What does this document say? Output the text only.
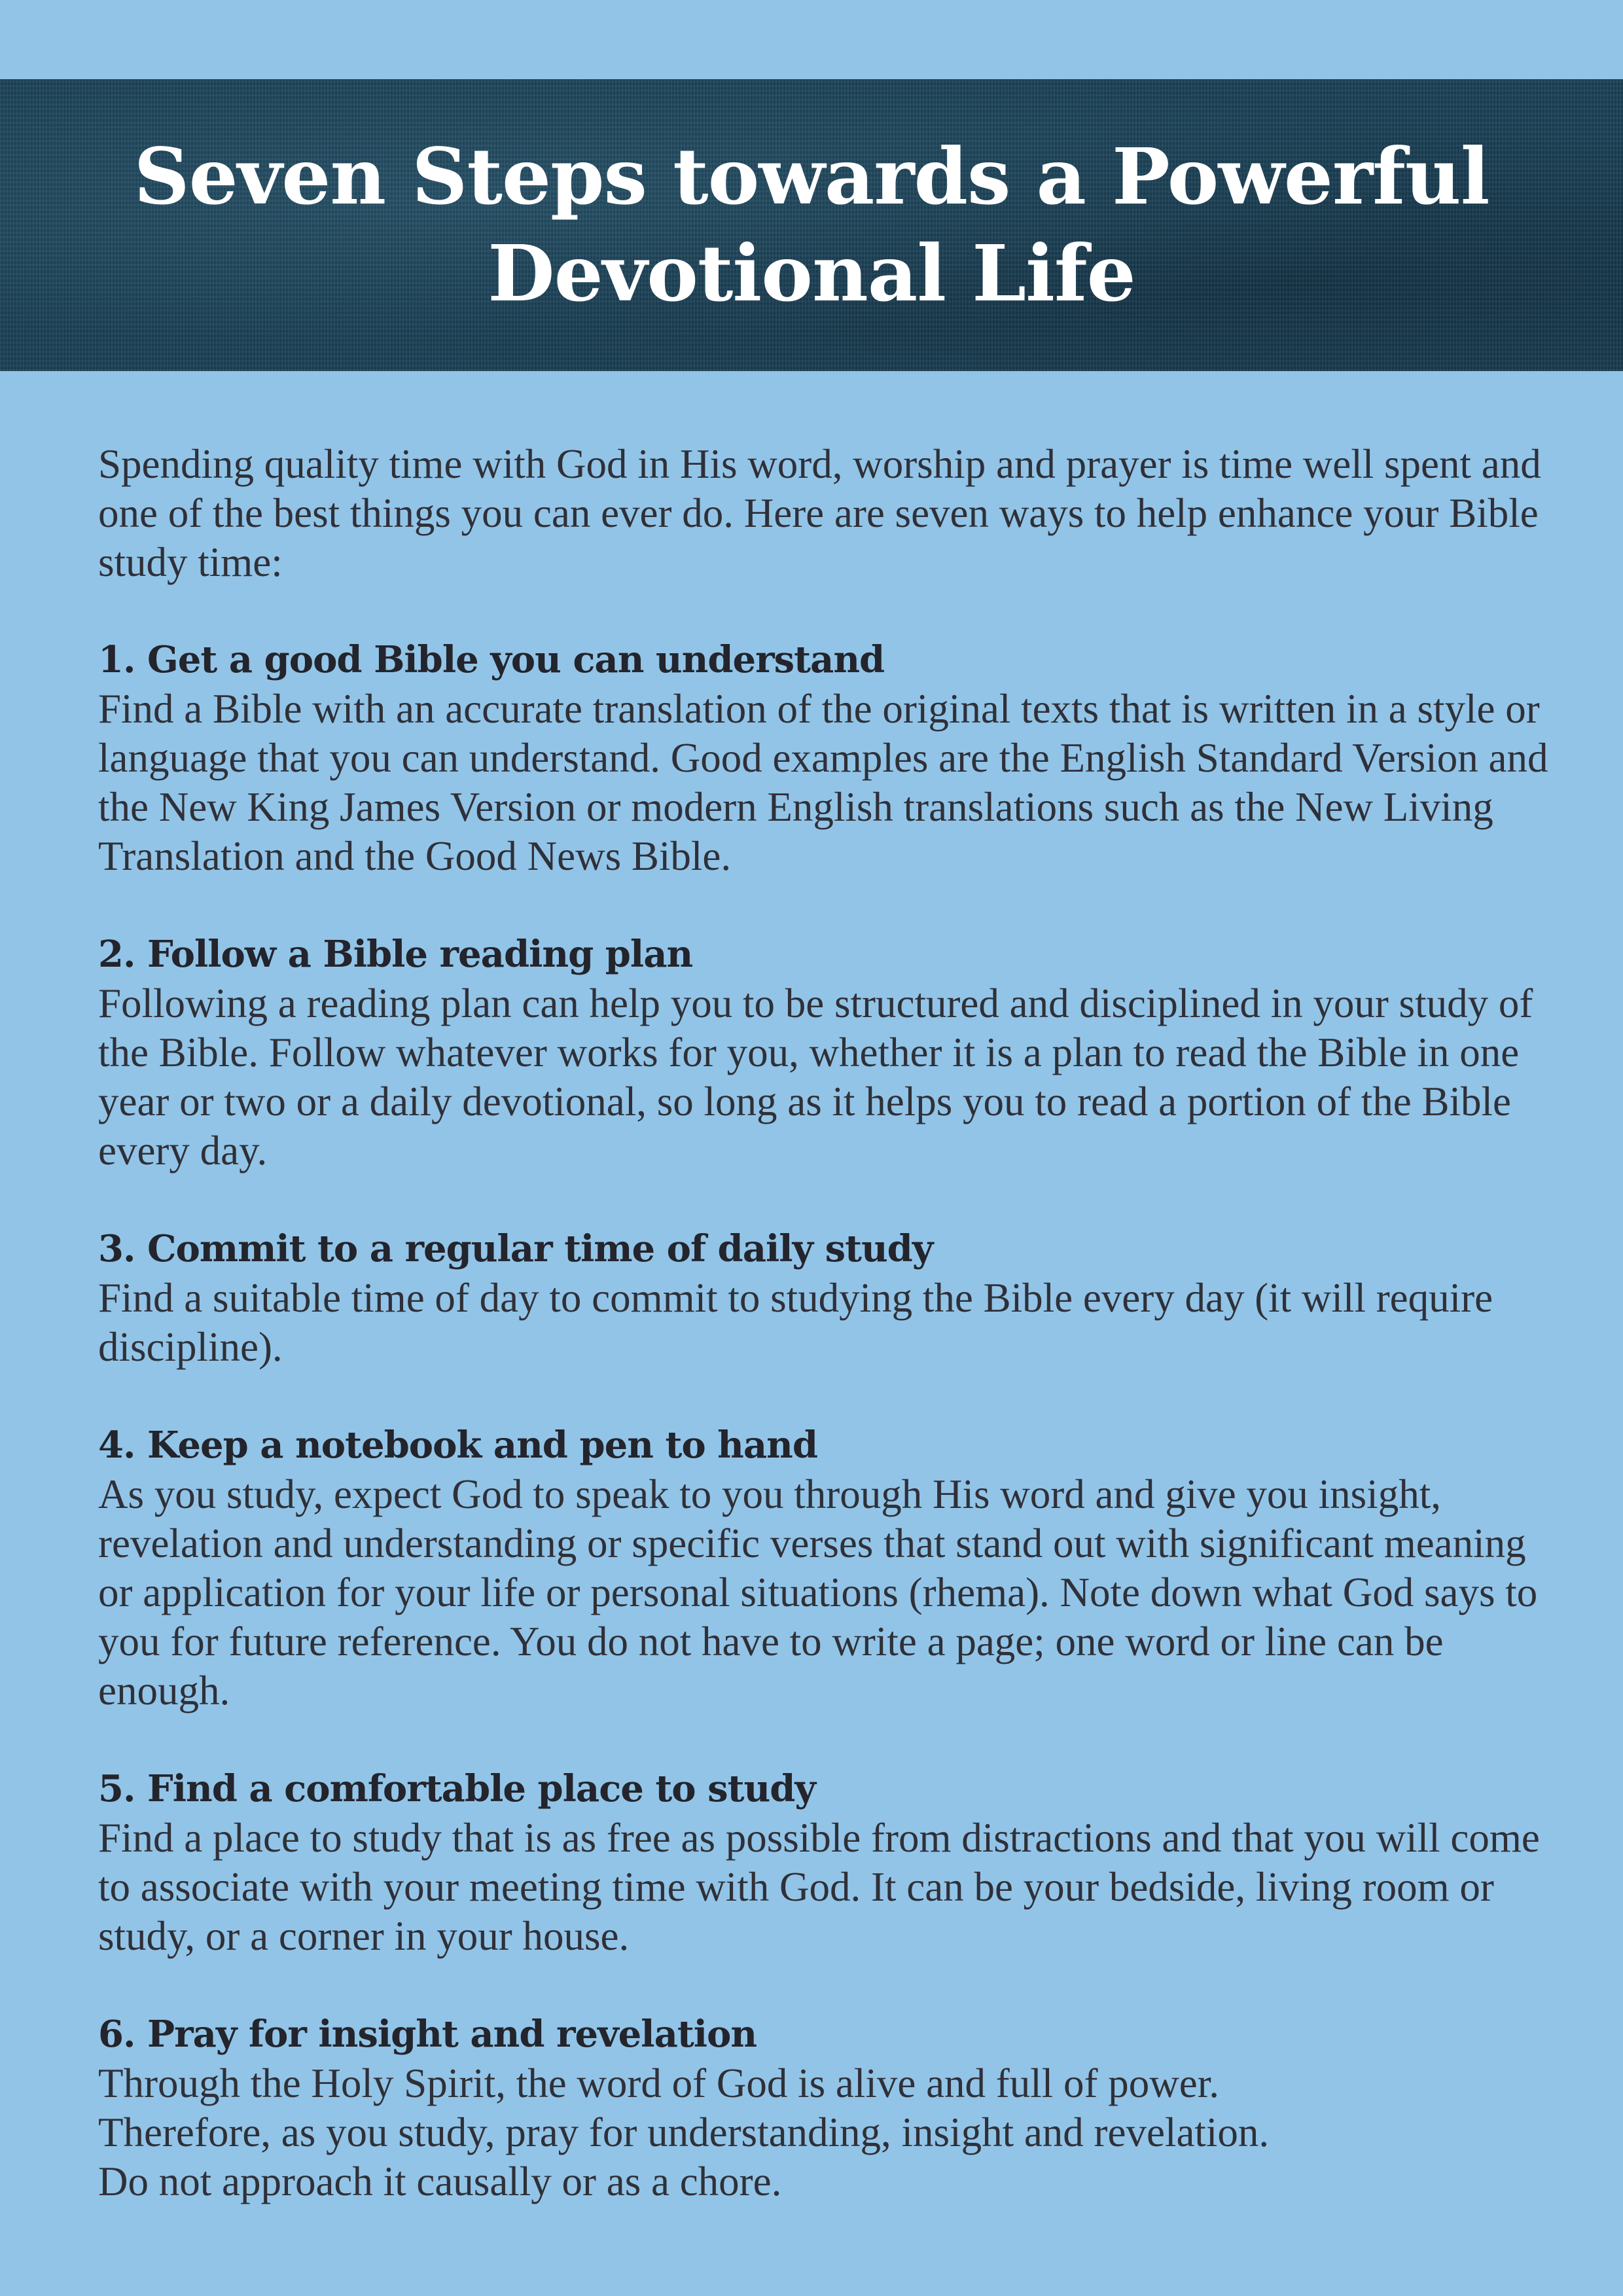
Seven Steps towards a Powerful
Devotional Life

Spending quality time with God in His word, worship and prayer is time well spent and one of the best things you can ever do. Here are seven ways to help enhance your Bible study time:

1. Get a good Bible you can understand

Find a Bible with an accurate translation of the original texts that is written in a style or language that you can understand. Good examples are the English Standard Version and the New King James Version or modern English translations such as the New Living Translation and the Good News Bible.

2. Follow a Bible reading plan

Following a reading plan can help you to be structured and disciplined in your study of the Bible. Follow whatever works for you, whether it is a plan to read the Bible in one year or two or a daily devotional, so long as it helps you to read a portion of the Bible every day.

3. Commit to a regular time of daily study

Find a suitable time of day to commit to studying the Bible every day (it will require discipline).

4. Keep a notebook and pen to hand

As you study, expect God to speak to you through His word and give you insight, revelation and understanding or specific verses that stand out with significant meaning or application for your life or personal situations (rhema). Note down what God says to you for future reference. You do not have to write a page; one word or line can be enough.

5. Find a comfortable place to study

Find a place to study that is as free as possible from distractions and that you will come to associate with your meeting time with God. It can be your bedside, living room or study, or a corner in your house.

6. Pray for insight and revelation

Through the Holy Spirit, the word of God is alive and full of power.
Therefore, as you study, pray for understanding, insight and revelation.
Do not approach it causally or as a chore.
